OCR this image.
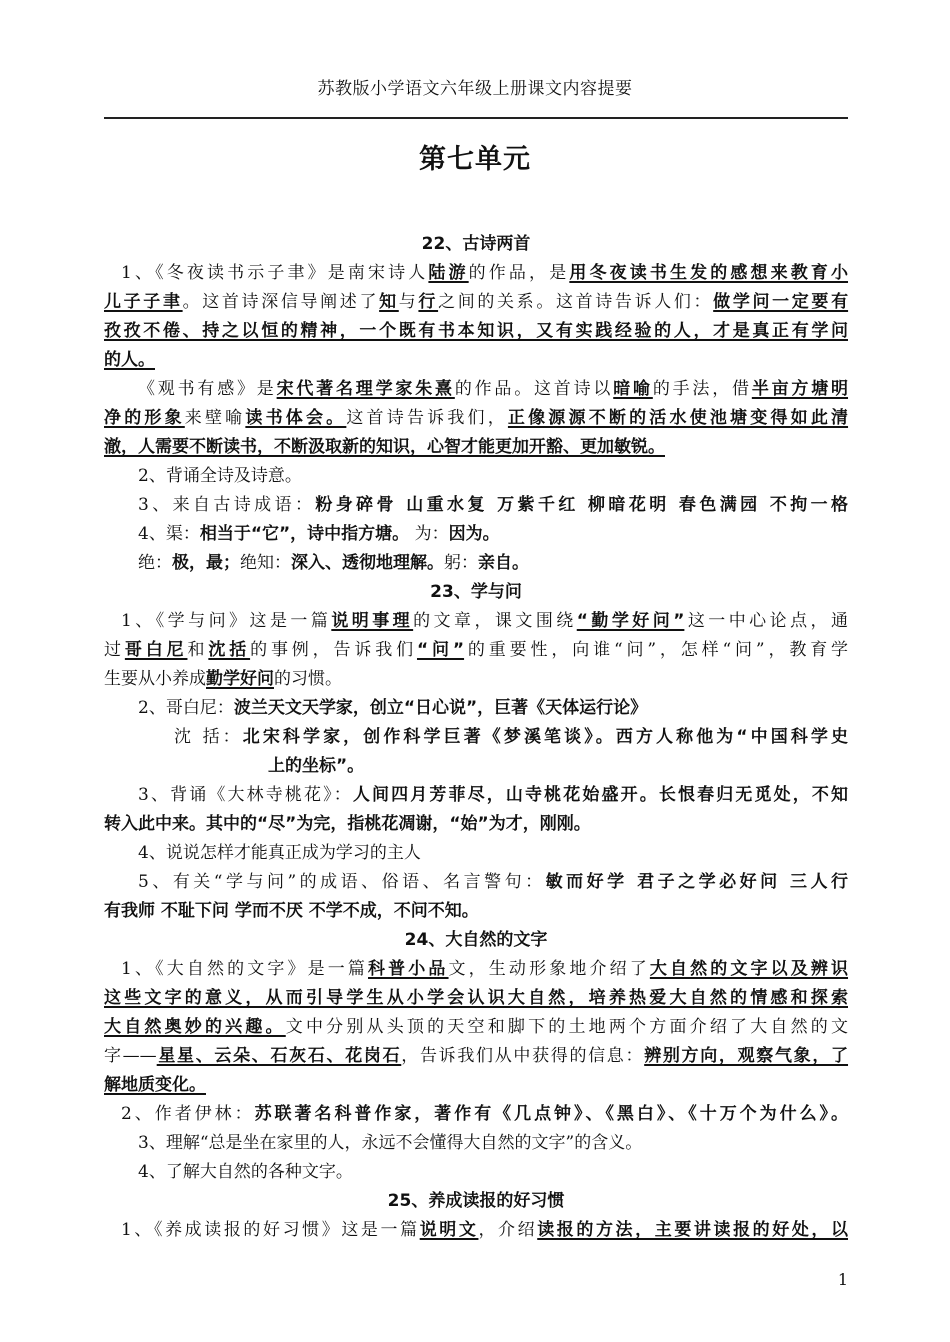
苏教版小学语文六年级上册课文内容提要
第七单元
22、古诗两首
1、《冬夜读书示子聿》是南宋诗人陆游的作品，是用冬夜读书生发的感想来教育小
儿子子聿。这首诗深信导阐述了知与行之间的关系。这首诗告诉人们：做学问一定要有
孜孜不倦、持之以恒的精神，一个既有书本知识，又有实践经验的人，才是真正有学问
的人。
《观书有感》是宋代著名理学家朱熹的作品。这首诗以暗喻的手法，借半亩方塘明
净的形象来壁喻读书体会。这首诗告诉我们，正像源源不断的活水使池塘变得如此清
澈，人需要不断读书，不断汲取新的知识，心智才能更加开豁、更加敏锐。
2、背诵全诗及诗意。
3、来自古诗成语：粉身碎骨 山重水复 万紫千红 柳暗花明 春色满园 不拘一格
4、渠：相当于“它”，诗中指方塘。 为：因为。
绝：极，最；绝知：深入、透彻地理解。躬：亲自。
23、学与问
1、《学与问》这是一篇说明事理的文章，课文围绕“勤学好问”这一中心论点，通
过哥白尼和沈括的事例，告诉我们“问”的重要性，向谁“问”，怎样“问”，教育学
生要从小养成勤学好问的习惯。
2、哥白尼：波兰天文天学家，创立“日心说”，巨著《天体运行论》
沈 括：北宋科学家，创作科学巨著《梦溪笔谈》。西方人称他为“中国科学史
上的坐标”。
3、背诵《大林寺桃花》：人间四月芳菲尽，山寺桃花始盛开。长恨春归无觅处，不知
转入此中来。其中的“尽”为完，指桃花凋谢，“始”为才，刚刚。
4、说说怎样才能真正成为学习的主人
5、有关“学与问”的成语、俗语、名言警句：敏而好学 君子之学必好问 三人行
有我师 不耻下问 学而不厌 不学不成，不问不知。
24、大自然的文字
1、《大自然的文字》是一篇科普小品文，生动形象地介绍了大自然的文字以及辨识
这些文字的意义，从而引导学生从小学会认识大自然，培养热爱大自然的情感和探索
大自然奥妙的兴趣。文中分别从头顶的天空和脚下的土地两个方面介绍了大自然的文
字——星星、云朵、石灰石、花岗石，告诉我们从中获得的信息：辨别方向，观察气象，了
解地质变化。
2、作者伊林：苏联著名科普作家，著作有《几点钟》、《黑白》、《十万个为什么》。
3、理解“总是坐在家里的人，永远不会懂得大自然的文字”的含义。
4、了解大自然的各种文字。
25、养成读报的好习惯
1、《养成读报的好习惯》这是一篇说明文，介绍读报的方法，主要讲读报的好处，以
1
